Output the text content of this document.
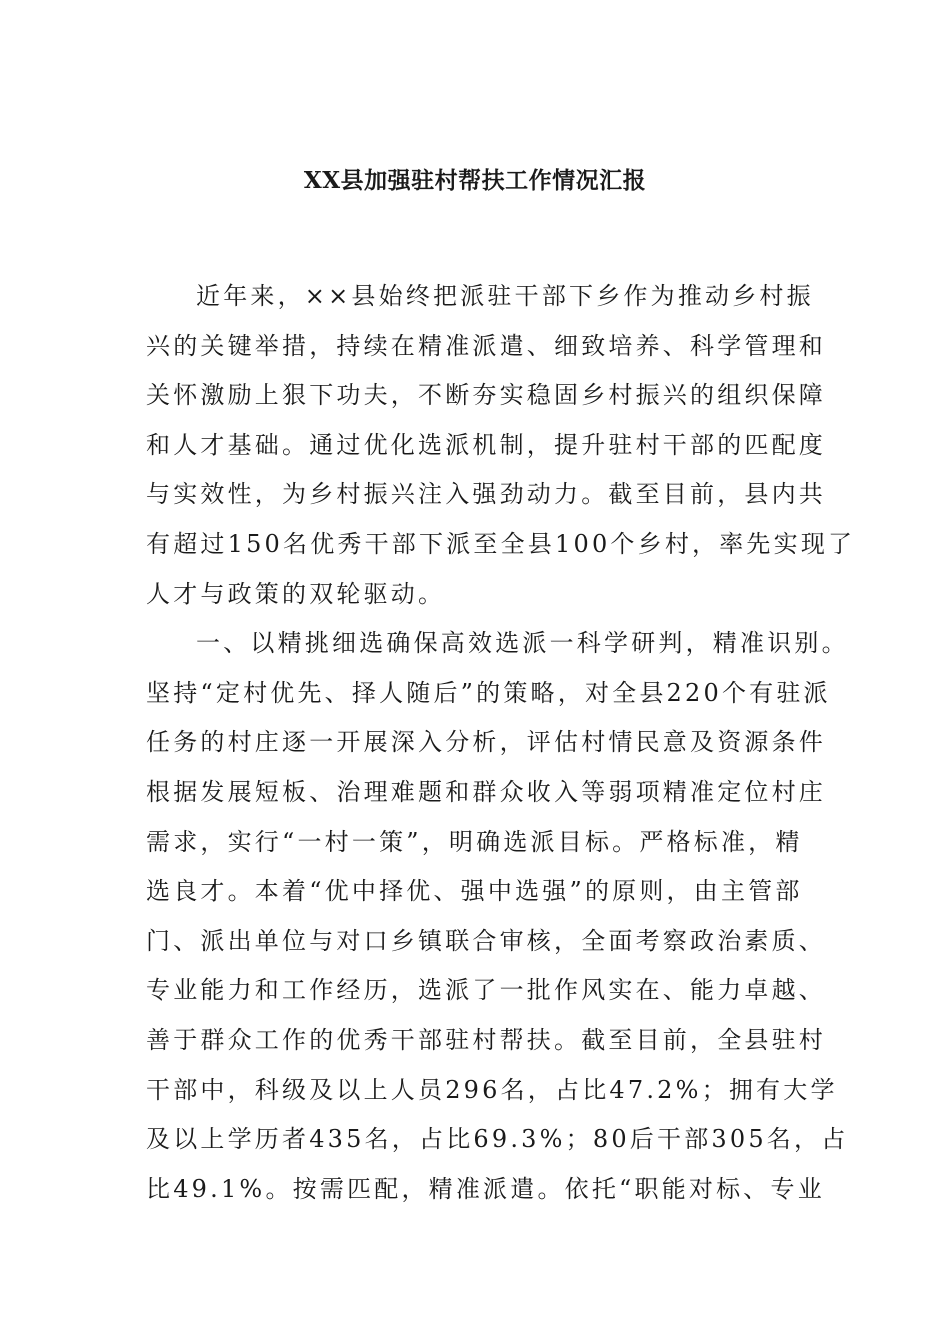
XX县加强驻村帮扶工作情况汇报
近年来，××县始终把派驻干部下乡作为推动乡村振
兴的关键举措，持续在精准派遣、细致培养、科学管理和
关怀激励上狠下功夫，不断夯实稳固乡村振兴的组织保障
和人才基础。通过优化选派机制，提升驻村干部的匹配度
与实效性，为乡村振兴注入强劲动力。截至目前，县内共
有超过150名优秀干部下派至全县100个乡村，率先实现了
人才与政策的双轮驱动。
一、以精挑细选确保高效选派一科学研判，精准识别。
坚持“定村优先、择人随后”的策略，对全县220个有驻派
任务的村庄逐一开展深入分析，评估村情民意及资源条件
根据发展短板、治理难题和群众收入等弱项精准定位村庄
需求，实行“一村一策”，明确选派目标。严格标准，精
选良才。本着“优中择优、强中选强”的原则，由主管部
门、派出单位与对口乡镇联合审核，全面考察政治素质、
专业能力和工作经历，选派了一批作风实在、能力卓越、
善于群众工作的优秀干部驻村帮扶。截至目前，全县驻村
干部中，科级及以上人员296名，占比47.2%；拥有大学
及以上学历者435名，占比69.3%；80后干部305名，占
比49.1%。按需匹配，精准派遣。依托“职能对标、专业
